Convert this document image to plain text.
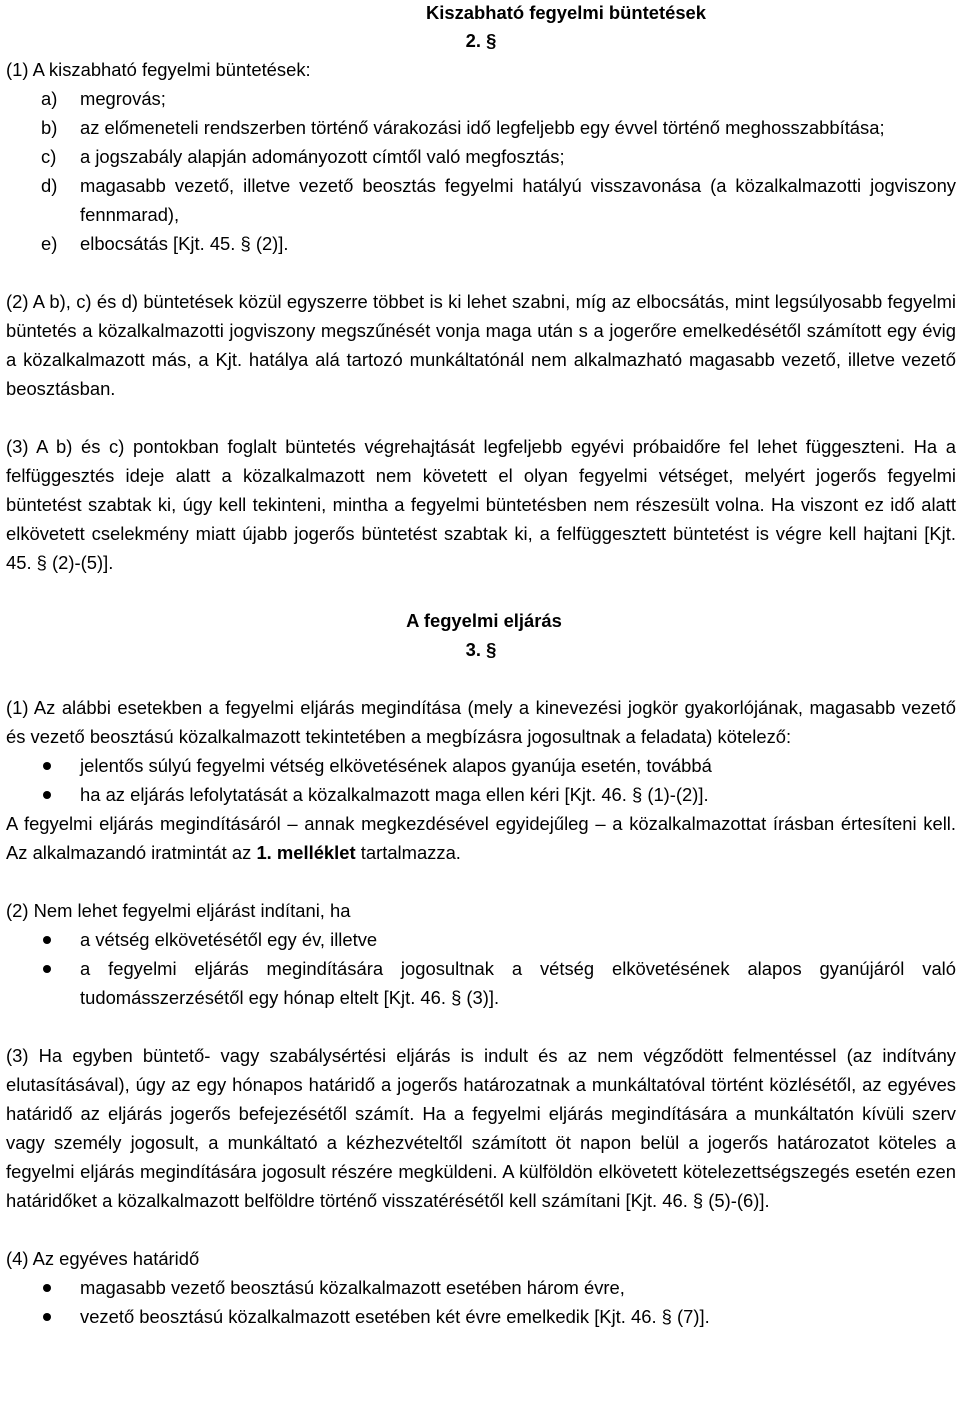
Kiszabható fegyelmi büntetések
2. §

(1) A kiszabható fegyelmi büntetések:

a) megrovás;
b) az előmeneteli rendszerben történő várakozási idő legfeljebb egy évvel történő meghosszabbítása;
c) a jogszabály alapján adományozott címtől való megfosztás;
d) magasabb vezető, illetve vezető beosztás fegyelmi hatályú visszavonása (a közalkalmazotti jogviszony fennmarad),
e) elbocsátás [Kjt. 45. § (2)].

(2) A b), c) és d) büntetések közül egyszerre többet is ki lehet szabni, míg az elbocsátás, mint legsúlyosabb fegyelmi büntetés a közalkalmazotti jogviszony megszűnését vonja maga után s a jogerőre emelkedésétől számított egy évig a közalkalmazott más, a Kjt. hatálya alá tartozó munkáltatónál nem alkalmazható magasabb vezető, illetve vezető beosztásban.

(3) A b) és c) pontokban foglalt büntetés végrehajtását legfeljebb egyévi próbaidőre fel lehet függeszteni. Ha a felfüggesztés ideje alatt a közalkalmazott nem követett el olyan fegyelmi vétséget, melyért jogerős fegyelmi büntetést szabtak ki, úgy kell tekinteni, mintha a fegyelmi büntetésben nem részesült volna. Ha viszont ez idő alatt elkövetett cselekmény miatt újabb jogerős büntetést szabtak ki, a felfüggesztett büntetést is végre kell hajtani [Kjt. 45. § (2)-(5)].

A fegyelmi eljárás
3. §

(1) Az alábbi esetekben a fegyelmi eljárás megindítása (mely a kinevezési jogkör gyakorlójának, magasabb vezető és vezető beosztású közalkalmazott tekintetében a megbízásra jogosultnak a feladata) kötelező:

jelentős súlyú fegyelmi vétség elkövetésének alapos gyanúja esetén, továbbá
ha az eljárás lefolytatását a közalkalmazott maga ellen kéri [Kjt. 46. § (1)-(2)].

A fegyelmi eljárás megindításáról – annak megkezdésével egyidejűleg – a közalkalmazottat írásban értesíteni kell. Az alkalmazandó iratmintát az 1. melléklet tartalmazza.

(2) Nem lehet fegyelmi eljárást indítani, ha

a vétség elkövetésétől egy év, illetve
a fegyelmi eljárás megindítására jogosultnak a vétség elkövetésének alapos gyanújáról való tudomásszerzésétől egy hónap eltelt [Kjt. 46. § (3)].

(3) Ha egyben büntető- vagy szabálysértési eljárás is indult és az nem végződött felmentéssel (az indítvány elutasításával), úgy az egy hónapos határidő a jogerős határozatnak a munkáltatóval történt közlésétől, az egyéves határidő az eljárás jogerős befejezésétől számít. Ha a fegyelmi eljárás megindítására a munkáltatón kívüli szerv vagy személy jogosult, a munkáltató a kézhezvételtől számított öt napon belül a jogerős határozatot köteles a fegyelmi eljárás megindítására jogosult részére megküldeni. A külföldön elkövetett kötelezettségszegés esetén ezen határidőket a közalkalmazott belföldre történő visszatérésétől kell számítani [Kjt. 46. § (5)-(6)].

(4) Az egyéves határidő

magasabb vezető beosztású közalkalmazott esetében három évre,
vezető beosztású közalkalmazott esetében két évre emelkedik [Kjt. 46. § (7)].
